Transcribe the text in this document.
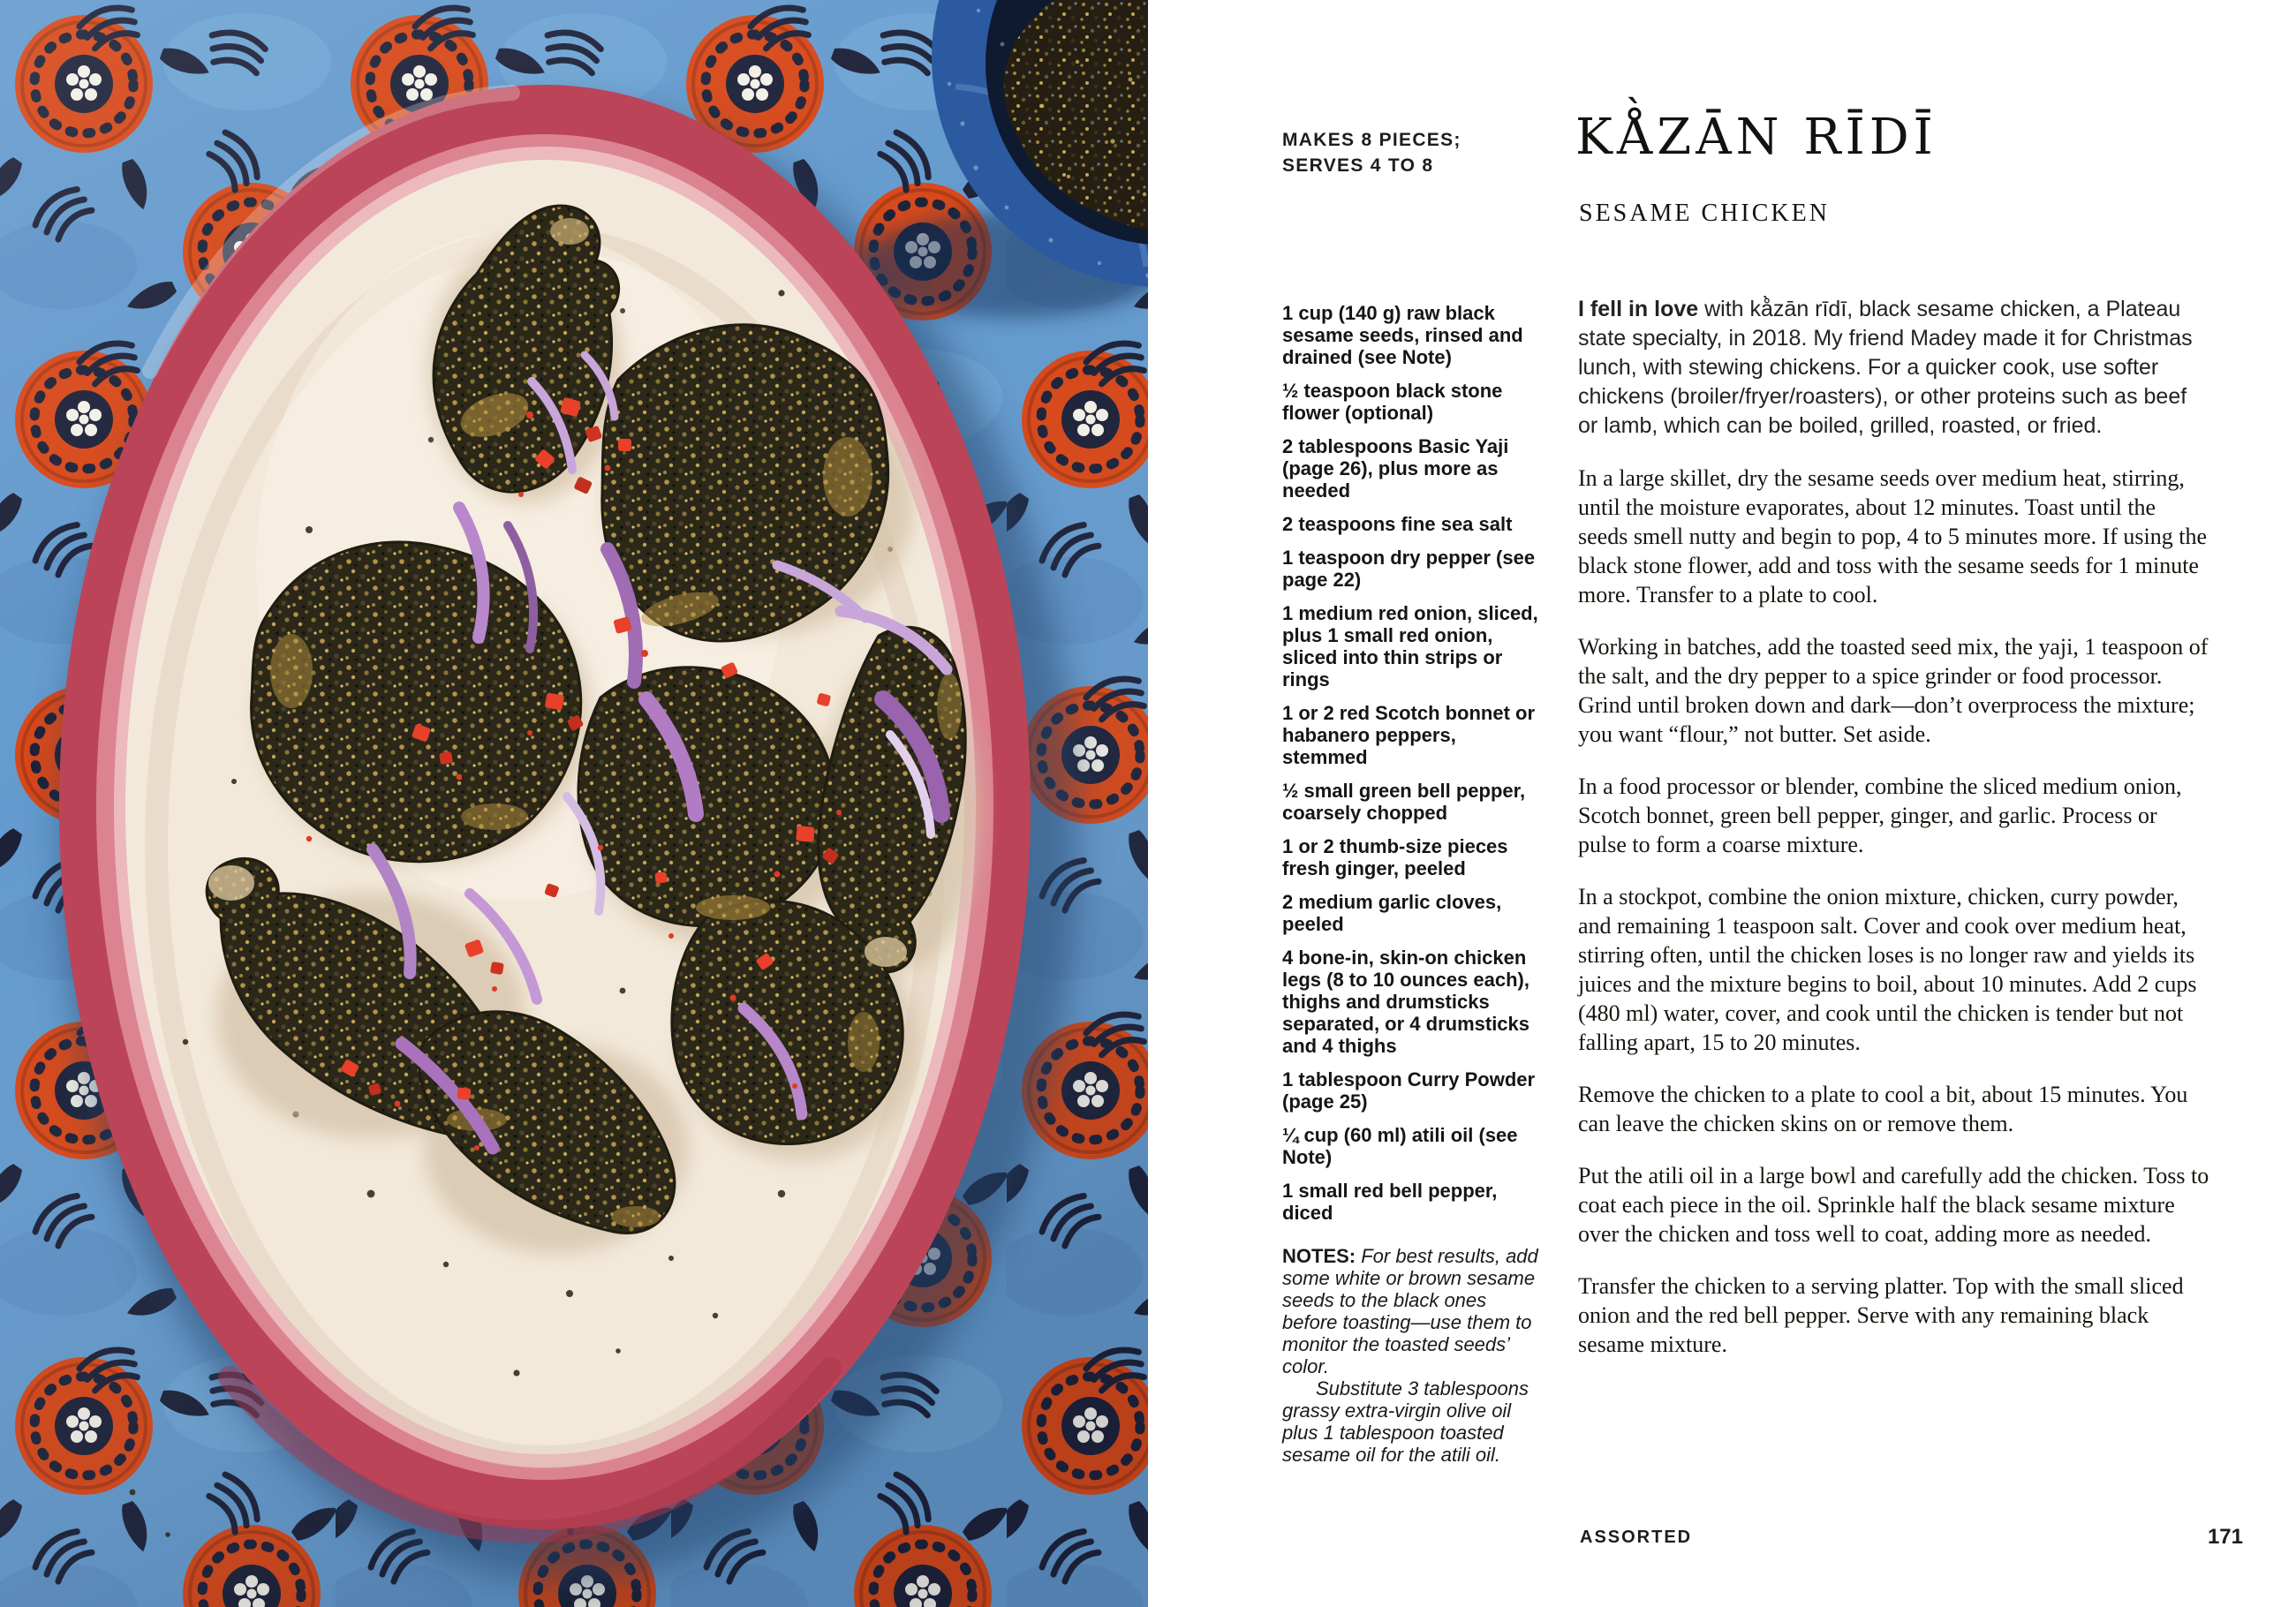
MAKES 8 PIECES;
SERVES 4 TO 8	KÅ̀ZĀN RĪDĪ
SESAME CHICKEN

1 cup (140 g) raw black sesame seeds, rinsed and drained (see Note)

½ teaspoon black stone flower (optional)

2 tablespoons Basic Yaji (page 26), plus more as needed

2 teaspoons fine sea salt

1 teaspoon dry pepper (see page 22)

1 medium red onion, sliced, plus 1 small red onion, sliced into thin strips or rings

1 or 2 red Scotch bonnet or habanero peppers, stemmed

½ small green bell pepper, coarsely chopped

1 or 2 thumb-size pieces fresh ginger, peeled

2 medium garlic cloves, peeled

4 bone-in, skin-on chicken legs (8 to 10 ounces each), thighs and drumsticks separated, or 4 drumsticks and 4 thighs

1 tablespoon Curry Powder (page 25)

¼ cup (60 ml) atili oil (see Note)

1 small red bell pepper, diced

NOTES: For best results, add some white or brown sesame seeds to the black ones before toasting—use them to monitor the toasted seeds’ color.

Substitute 3 tablespoons grassy extra-virgin olive oil plus 1 tablespoon toasted sesame oil for the atili oil.

I fell in love with kå̀zān rīdī, black sesame chicken, a Plateau state specialty, in 2018. My friend Madey made it for Christmas lunch, with stewing chickens. For a quicker cook, use softer chickens (broiler/fryer/roasters), or other proteins such as beef or lamb, which can be boiled, grilled, roasted, or fried.

In a large skillet, dry the sesame seeds over medium heat, stirring, until the moisture evaporates, about 12 minutes. Toast until the seeds smell nutty and begin to pop, 4 to 5 minutes more. If using the black stone flower, add and toss with the sesame seeds for 1 minute more. Transfer to a plate to cool.

Working in batches, add the toasted seed mix, the yaji, 1 teaspoon of the salt, and the dry pepper to a spice grinder or food processor. Grind until broken down and dark—don’t overprocess the mixture; you want “flour,” not butter. Set aside.

In a food processor or blender, combine the sliced medium onion, Scotch bonnet, green bell pepper, ginger, and garlic. Process or pulse to form a coarse mixture.

In a stockpot, combine the onion mixture, chicken, curry powder, and remaining 1 teaspoon salt. Cover and cook over medium heat, stirring often, until the chicken loses is no longer raw and yields its juices and the mixture begins to boil, about 10 minutes. Add 2 cups (480 ml) water, cover, and cook until the chicken is tender but not falling apart, 15 to 20 minutes.

Remove the chicken to a plate to cool a bit, about 15 minutes. You can leave the chicken skins on or remove them.

Put the atili oil in a large bowl and carefully add the chicken. Toss to coat each piece in the oil. Sprinkle half the black sesame mixture over the chicken and toss well to coat, adding more as needed.

Transfer the chicken to a serving platter. Top with the small sliced onion and the red bell pepper. Serve with any remaining black sesame mixture.

ASSORTED	171
